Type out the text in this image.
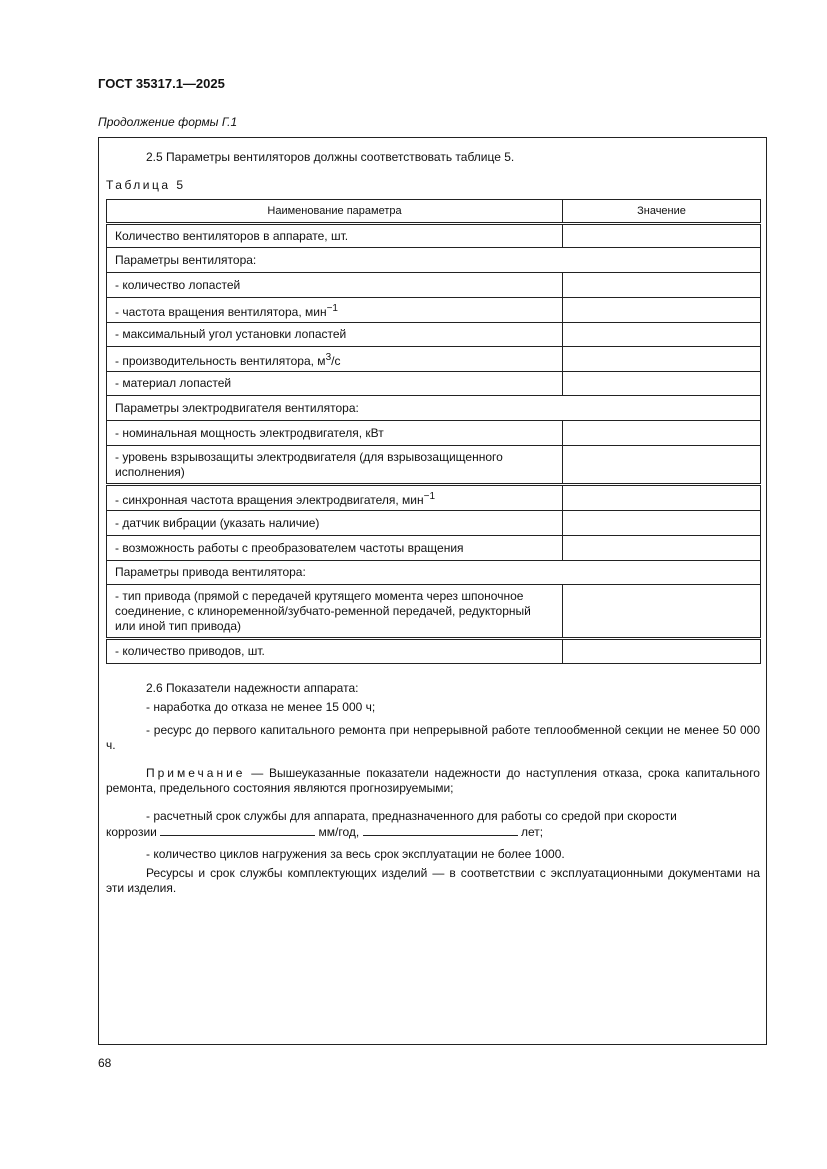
ГОСТ 35317.1—2025
Продолжение формы Г.1

2.5 Параметры вентиляторов должны соответствовать таблице 5.

Таблица 5
Наименование параметра	Значение
Количество вентиляторов в аппарате, шт.	
Параметры вентилятора:	
- количество лопастей	
- частота вращения вентилятора, мин$^{-1}$	
- максимальный угол установки лопастей	
- производительность вентилятора, $м^3/с$	
- материал лопастей	
Параметры электродвигателя вентилятора:	
- номинальная мощность электродвигателя, кВт	
- уровень взрывозащиты электродвигателя (для взрывозащищенного исполнения)	
- синхронная частота вращения электродвигателя, мин$^{-1}$	
- датчик вибрации (указать наличие)	
- возможность работы с преобразователем частоты вращения	
Параметры привода вентилятора:	
- тип привода (прямой с передачей крутящего момента через шпоночное соединение, с клиноременной/зубчато-ременной передачей, редукторный или иной тип привода)	
- количество приводов, шт.	

2.6 Показатели надежности аппарата:

- наработка до отказа не менее 15 000 ч;

- ресурс до первого капитального ремонта при непрерывной работе теплообменной секции не менее 50 000 ч.

Примечание — Вышеуказанные показатели надежности до наступления отказа, срока капитального ремонта, предельного состояния являются прогнозируемыми;

- расчетный срок службы для аппарата, предназначенного для работы со средой при скорости

коррозии	мм/год,	лет;

- количество циклов нагружения за весь срок эксплуатации не более 1000.

Ресурсы и срок службы комплектующих изделий — в соответствии с эксплуатационными документами на эти изделия.

68
